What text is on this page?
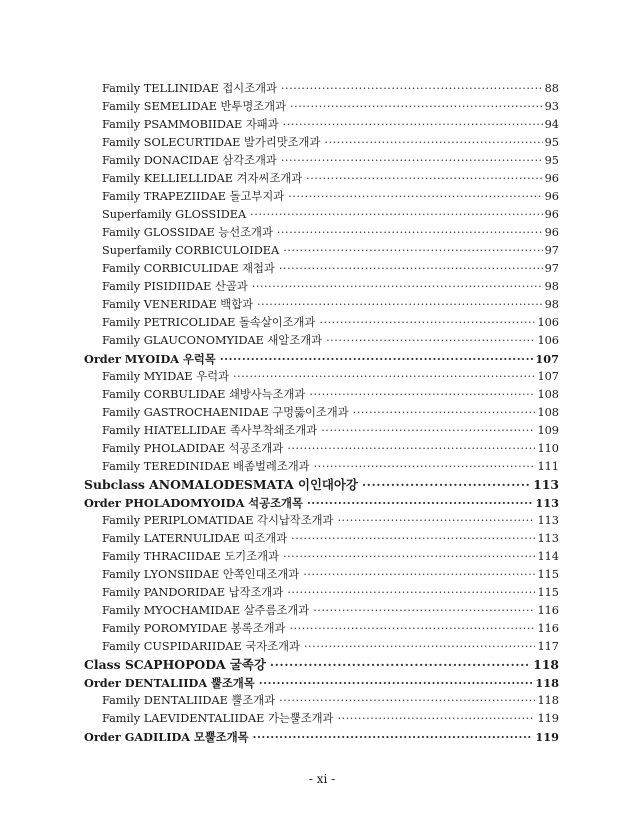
Family TELLINIDAE 접시조개과 ·····	88
Family SEMELIDAE 반투명조개과 ·····	93
Family PSAMMOBIIDAE 자패과 ·····	94
Family SOLECURTIDAE 발가리맛조개과 ·····	95
Family DONACIDAE 삼각조개과 ·····	95
Family KELLIELLIDAE 겨자씨조개과 ·····	96
Family TRAPEZIIDAE 돌고부지과 ·····	96
Superfamily GLOSSIDEA ·····	96
Family GLOSSIDAE 능선조개과 ·····	96
Superfamily CORBICULOIDEA ·····	97
Family CORBICULIDAE 재첩과 ·····	97
Family PISIDIIDAE 산골과 ·····	98
Family VENERIDAE 백합과 ·····	98
Family PETRICOLIDAE 돌속살이조개과 ·····	106
Family GLAUCONOMYIDAE 새알조개과 ·····	106
Order MYOIDA 우럭목 ·····	107
Family MYIDAE 우럭과 ·····	107
Family CORBULIDAE 쇄방사늑조개과 ·····	108
Family GASTROCHAENIDAE 구멍뚫이조개과 ·····	108
Family HIATELLIDAE 족사부착쇄조개과 ·····	109
Family PHOLADIDAE 석공조개과 ·····	110
Family TEREDINIDAE 배좀벌레조개과 ·····	111
Subclass ANOMALODESMATA 이인대아강 ·····	113
Order PHOLADOMYOIDA 석공조개목 ·····	113
Family PERIPLOMATIDAE 각시납작조개과 ·····	113
Family LATERNULIDAE 띠조개과 ·····	113
Family THRACIIDAE 도기조개과 ·····	114
Family LYONSIIDAE 안쪽인대조개과 ·····	115
Family PANDORIDAE 납작조개과 ·····	115
Family MYOCHAMIDAE 살주름조개과 ·····	116
Family POROMYIDAE 봉록조개과 ·····	116
Family CUSPIDARIIDAE 국자조개과 ·····	117
Class SCAPHOPODA 굴족강 ·····	118
Order DENTALIIDA 뿔조개목 ·····	118
Family DENTALIIDAE 뿔조개과 ·····	118
Family LAEVIDENTALIIDAE 가는뿔조개과 ·····	119
Order GADILIDA 모뿔조개목 ·····	119
- xi -
